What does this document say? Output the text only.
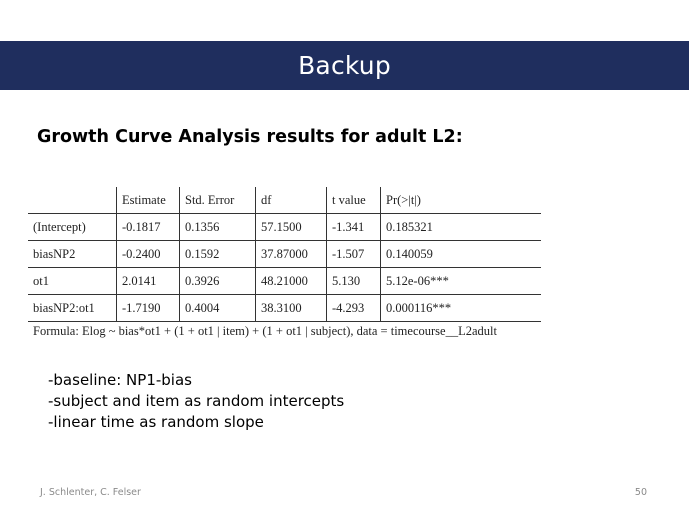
Backup
Growth Curve Analysis results for adult L2:
	Estimate	Std. Error	df	t value	Pr(>|t|)
(Intercept)	-0.1817	0.1356	57.1500	-1.341	0.185321
biasNP2	-0.2400	0.1592	37.87000	-1.507	0.140059
ot1	2.0141	0.3926	48.21000	5.130	5.12e-06***
biasNP2:ot1	-1.7190	0.4004	38.3100	-4.293	0.000116***
Formula: Elog ~ bias*ot1 + (1 + ot1 | item) + (1 + ot1 | subject), data = timecourse__L2adult
-baseline: NP1-bias
-subject and item as random intercepts
-linear time as random slope
J. Schlenter, C. Felser	50
